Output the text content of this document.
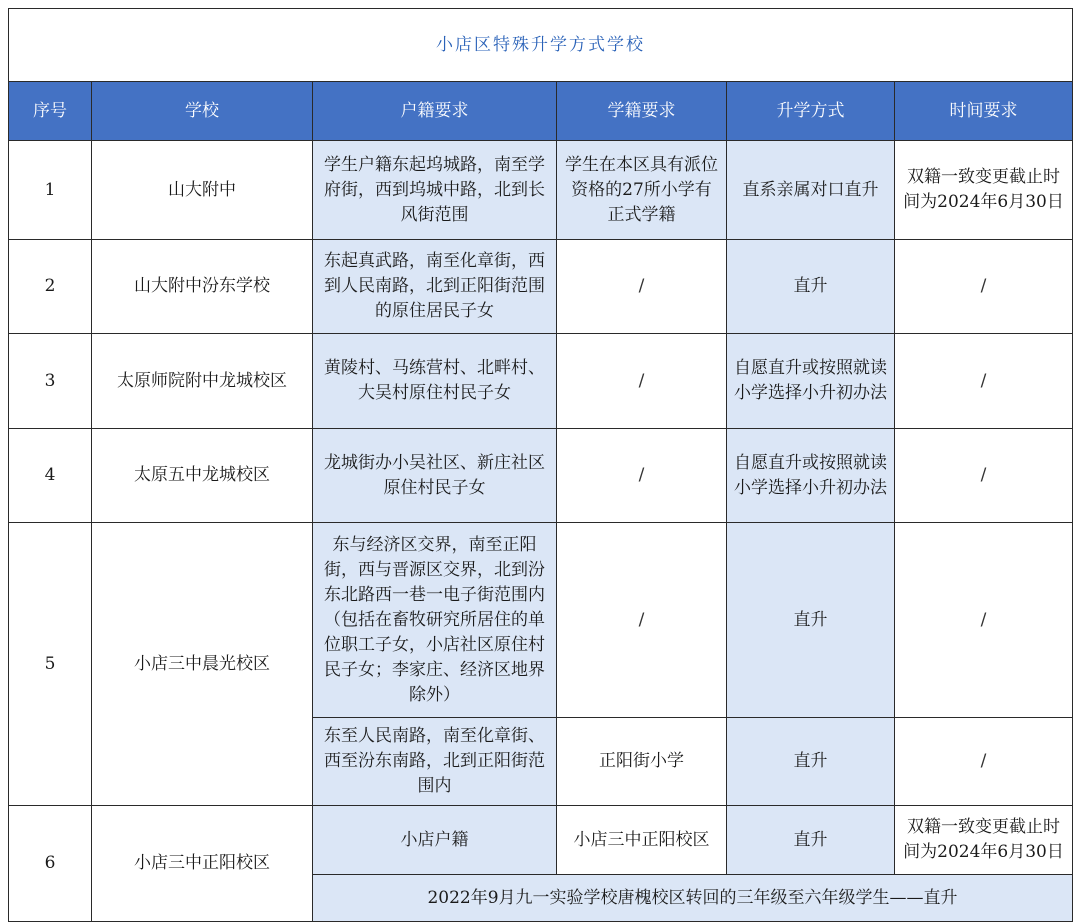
小店区特殊升学方式学校					
序号	学校	户籍要求	学籍要求	升学方式	时间要求
1	山大附中	学生户籍东起坞城路，南至学府街，西到坞城中路，北到长风街范围	学生在本区具有派位资格的27所小学有正式学籍	直系亲属对口直升	双籍一致变更截止时间为2024年6月30日
2	山大附中汾东学校	东起真武路，南至化章街，西到人民南路，北到正阳街范围的原住居民子女	/	直升	/
3	太原师院附中龙城校区	黄陵村、马练营村、北畔村、大吴村原住村民子女	/	自愿直升或按照就读小学选择小升初办法	/
4	太原五中龙城校区	龙城街办小吴社区、新庄社区原住村民子女	/	自愿直升或按照就读小学选择小升初办法	/
5	小店三中晨光校区	东与经济区交界，南至正阳街，西与晋源区交界，北到汾东北路西一巷一电子街范围内（包括在畜牧研究所居住的单位职工子女，小店社区原住村民子女；李家庄、经济区地界除外）	/	直升	/
		东至人民南路，南至化章街、西至汾东南路，北到正阳街范围内	正阳街小学	直升	/
6	小店三中正阳校区	小店户籍	小店三中正阳校区	直升	双籍一致变更截止时间为2024年6月30日
		2022年9月九一实验学校唐槐校区转回的三年级至六年级学生——直升			
